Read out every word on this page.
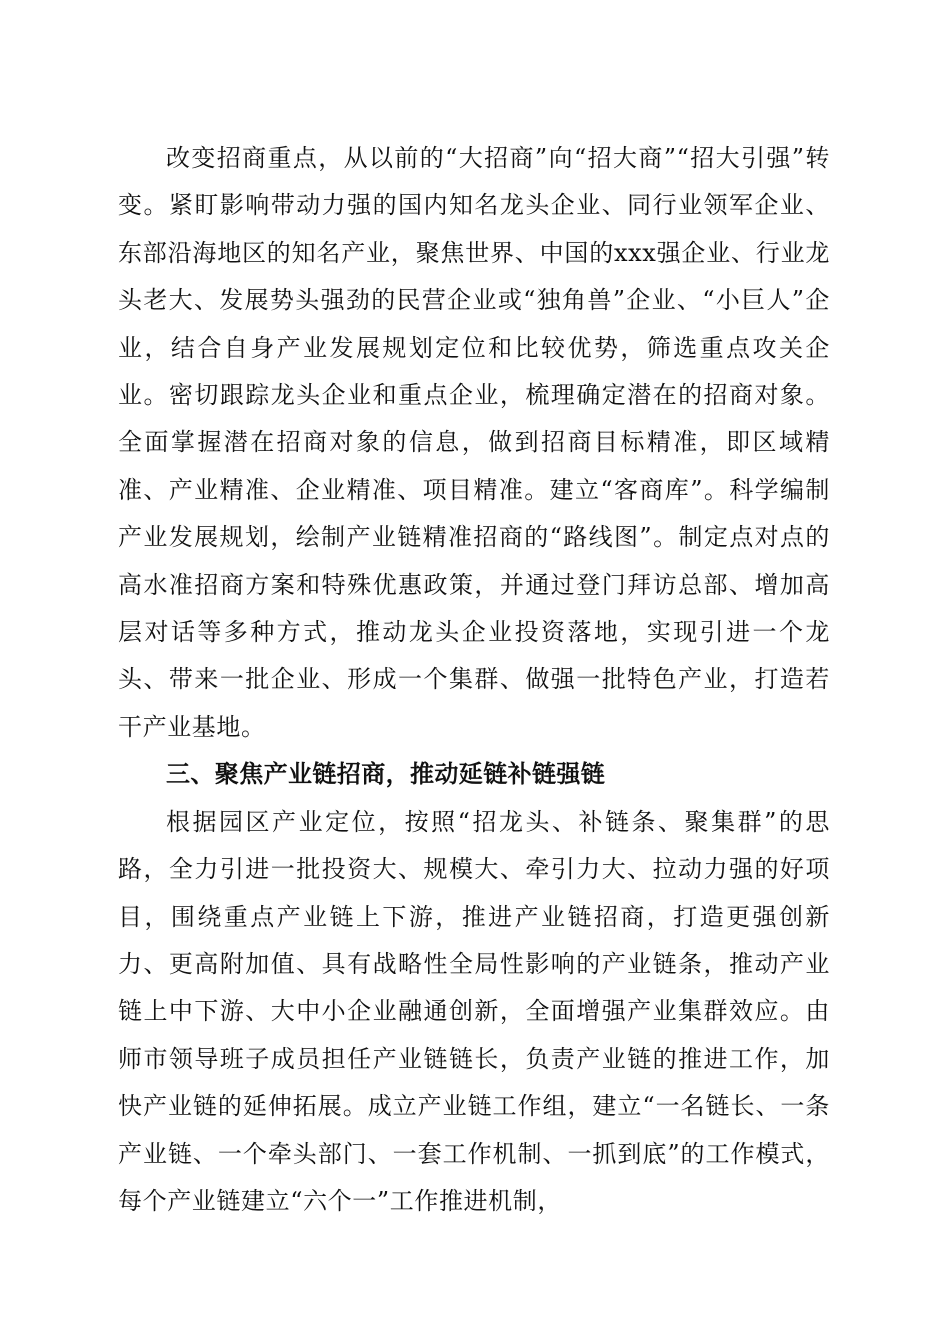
改变招商重点，从以前的“大招商”向“招大商”“招大引强”转变。紧盯影响带动力强的国内知名龙头企业、同行业领军企业、东部沿海地区的知名产业，聚焦世界、中国的xxx强企业、行业龙头老大、发展势头强劲的民营企业或“独角兽”企业、“小巨人”企业，结合自身产业发展规划定位和比较优势，筛选重点攻关企业。密切跟踪龙头企业和重点企业，梳理确定潜在的招商对象。全面掌握潜在招商对象的信息，做到招商目标精准，即区域精准、产业精准、企业精准、项目精准。建立“客商库”。科学编制产业发展规划，绘制产业链精准招商的“路线图”。制定点对点的高水准招商方案和特殊优惠政策，并通过登门拜访总部、增加高层对话等多种方式，推动龙头企业投资落地，实现引进一个龙头、带来一批企业、形成一个集群、做强一批特色产业，打造若干产业基地。

三、聚焦产业链招商，推动延链补链强链

根据园区产业定位，按照“招龙头、补链条、聚集群”的思路，全力引进一批投资大、规模大、牵引力大、拉动力强的好项目，围绕重点产业链上下游，推进产业链招商，打造更强创新力、更高附加值、具有战略性全局性影响的产业链条，推动产业链上中下游、大中小企业融通创新，全面增强产业集群效应。由师市领导班子成员担任产业链链长，负责产业链的推进工作，加快产业链的延伸拓展。成立产业链工作组，建立“一名链长、一条产业链、一个牵头部门、一套工作机制、一抓到底”的工作模式，每个产业链建立“六个一”工作推进机制，
